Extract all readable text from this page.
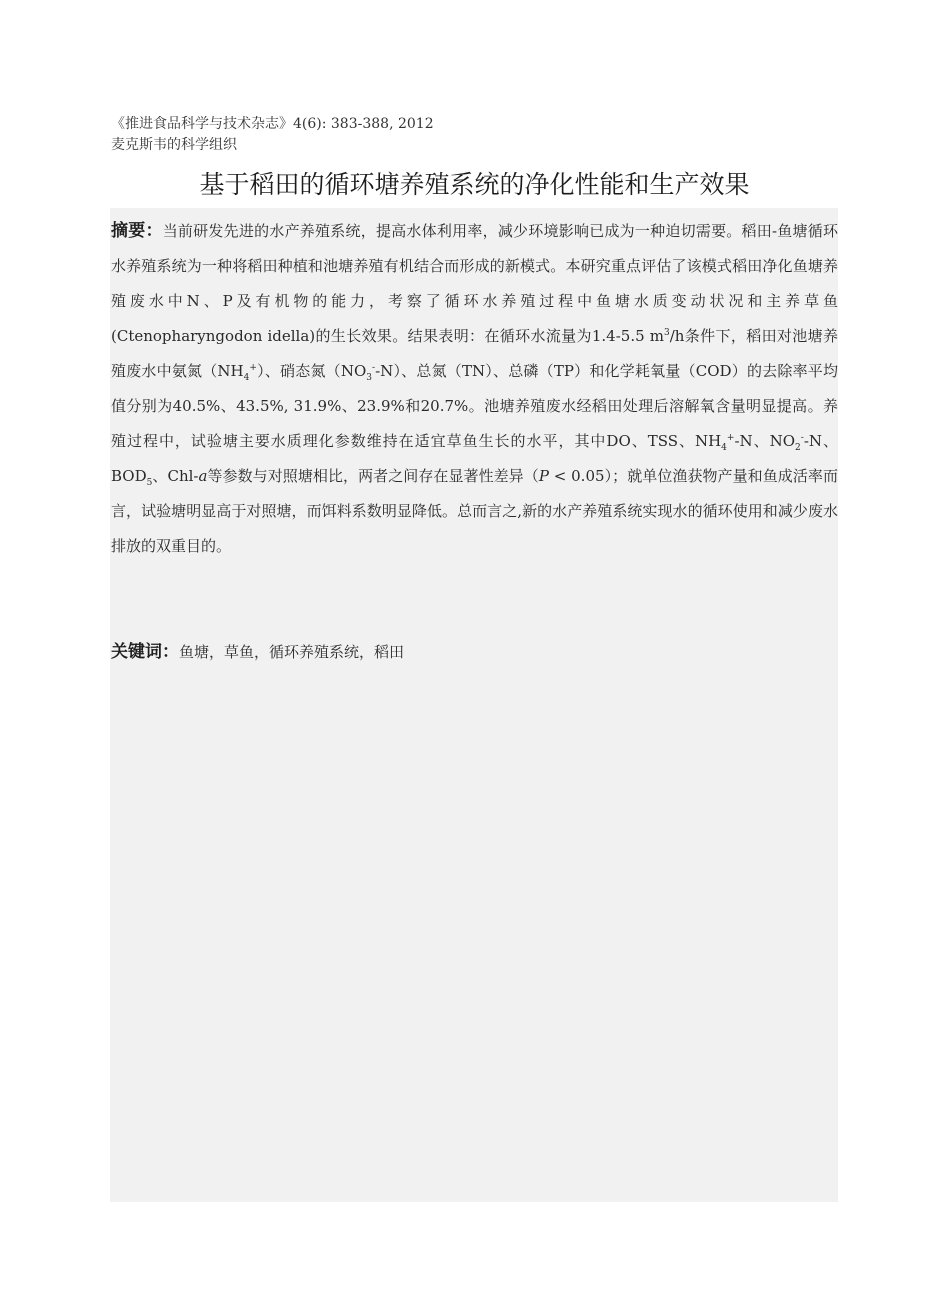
《推进食品科学与技术杂志》4(6): 383-388, 2012
麦克斯韦的科学组织
基于稻田的循环塘养殖系统的净化性能和生产效果

摘要：当前研发先进的水产养殖系统，提高水体利用率，减少环境影响已成为一种迫切需要。稻田-鱼塘循环水养殖系统为一种将稻田种植和池塘养殖有机结合而形成的新模式。本研究重点评估了该模式稻田净化鱼塘养殖废水中N、P及有机物的能力，考察了循环水养殖过程中鱼塘水质变动状况和主养草鱼(Ctenopharyngodon idella)的生长效果。结果表明：在循环水流量为1.4-5.5 $m^3/h$条件下，稻田对池塘养殖废水中氨氮$(NH_4^+)$、硝态氮$(NO_3^--N)$、总氮（TN）、总磷（TP）和化学耗氧量（COD）的去除率平均值分别为40.5%、43.5%, 31.9%、23.9%和20.7%。池塘养殖废水经稻田处理后溶解氧含量明显提高。养殖过程中，试验塘主要水质理化参数维持在适宜草鱼生长的水平，其中DO、TSS、$NH_4^+-N$、$NO_2^--N$、$BOD_5$、Chl-a等参数与对照塘相比，两者之间存在显著性差异（P < 0.05）；就单位渔获物产量和鱼成活率而言，试验塘明显高于对照塘，而饵料系数明显降低。总而言之,新的水产养殖系统实现水的循环使用和减少废水排放的双重目的。

关键词：鱼塘，草鱼，循环养殖系统，稻田
